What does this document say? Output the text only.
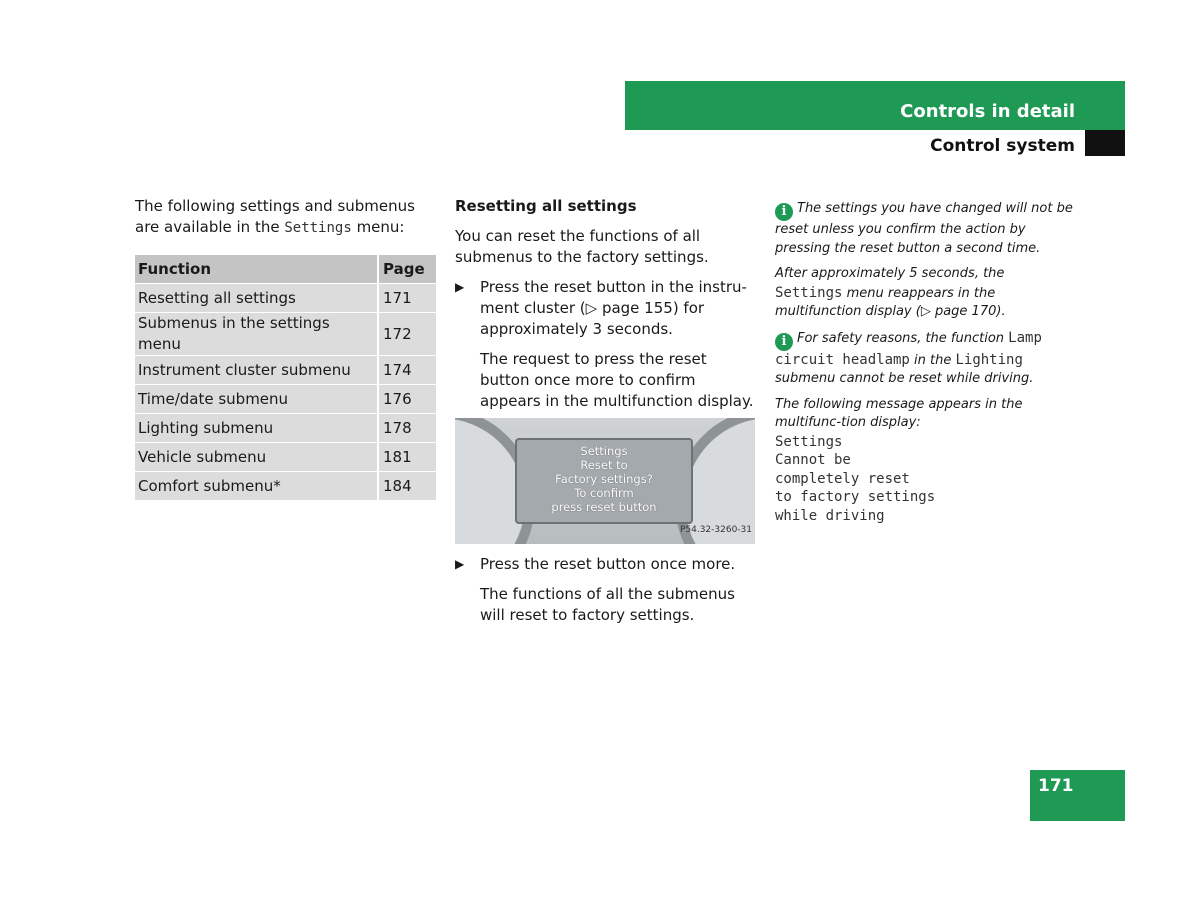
Controls in detail
Control system

The following settings and submenus are available in the Settings menu:

Function	Page
Resetting all settings	171
Submenus in the settings menu	172
Instrument cluster submenu	174
Time/date submenu	176
Lighting submenu	178
Vehicle submenu	181
Comfort submenu*	184
Resetting all settings

You can reset the functions of all submenus to the factory settings.

▶ Press the reset button in the instru-ment cluster (▷ page 155) for approximately 3 seconds.

The request to press the reset button once more to confirm appears in the multifunction display.

Settings
Reset to
Factory settings?
To confirm
press reset button
P54.32-3260-31
▶ Press the reset button once more.

The functions of all the submenus will reset to factory settings.

i The settings you have changed will not be reset unless you confirm the action by pressing the reset button a second time.

After approximately 5 seconds, the Settings menu reappears in the multifunction display (▷ page 170).

i For safety reasons, the function Lamp circuit headlamp in the Lighting submenu cannot be reset while driving.

The following message appears in the multifunc-tion display:

Settings
Cannot be
completely reset
to factory settings
while driving
171
